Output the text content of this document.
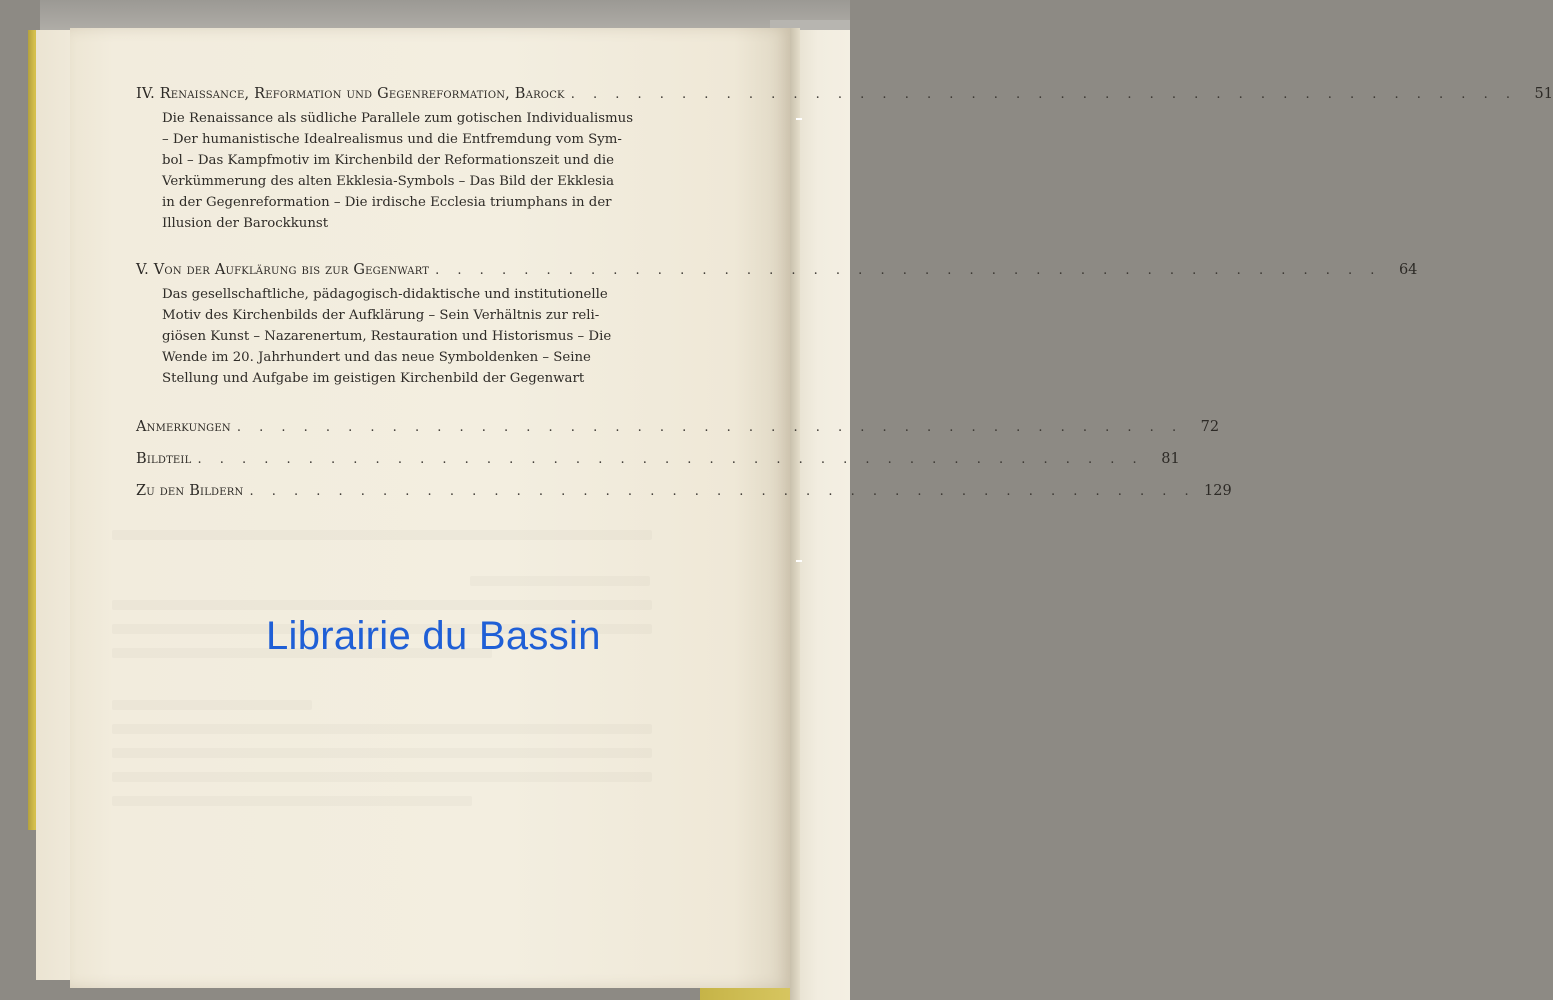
IV. Renaissance, Reformation und Gegenreformation, Barock . . . . . . . . . . . . . . . . . . . . . . . . . . . . . . . . . . . . . . . . . . .	51
Die Renaissance als südliche Parallele zum gotischen Individualismus
– Der humanistische Idealrealismus und die Entfremdung vom Sym-
bol – Das Kampfmotiv im Kirchenbild der Reformationszeit und die
Verkümmerung des alten Ekklesia-Symbols – Das Bild der Ekklesia
in der Gegenreformation – Die irdische Ecclesia triumphans in der
Illusion der Barockkunst
V. Von der Aufklärung bis zur Gegenwart . . . . . . . . . . . . . . . . . . . . . . . . . . . . . . . . . . . . . . . . . . .	64
Das gesellschaftliche, pädagogisch-didaktische und institutionelle
Motiv des Kirchenbilds der Aufklärung – Sein Verhältnis zur reli-
giösen Kunst – Nazarenertum, Restauration und Historismus – Die
Wende im 20. Jahrhundert und das neue Symboldenken – Seine
Stellung und Aufgabe im geistigen Kirchenbild der Gegenwart
Anmerkungen . . . . . . . . . . . . . . . . . . . . . . . . . . . . . . . . . . . . . . . . . . .	72
Bildteil . . . . . . . . . . . . . . . . . . . . . . . . . . . . . . . . . . . . . . . . . . .	81
Zu den Bildern . . . . . . . . . . . . . . . . . . . . . . . . . . . . . . . . . . . . . . . . . . . 129
Librairie du Bassin
